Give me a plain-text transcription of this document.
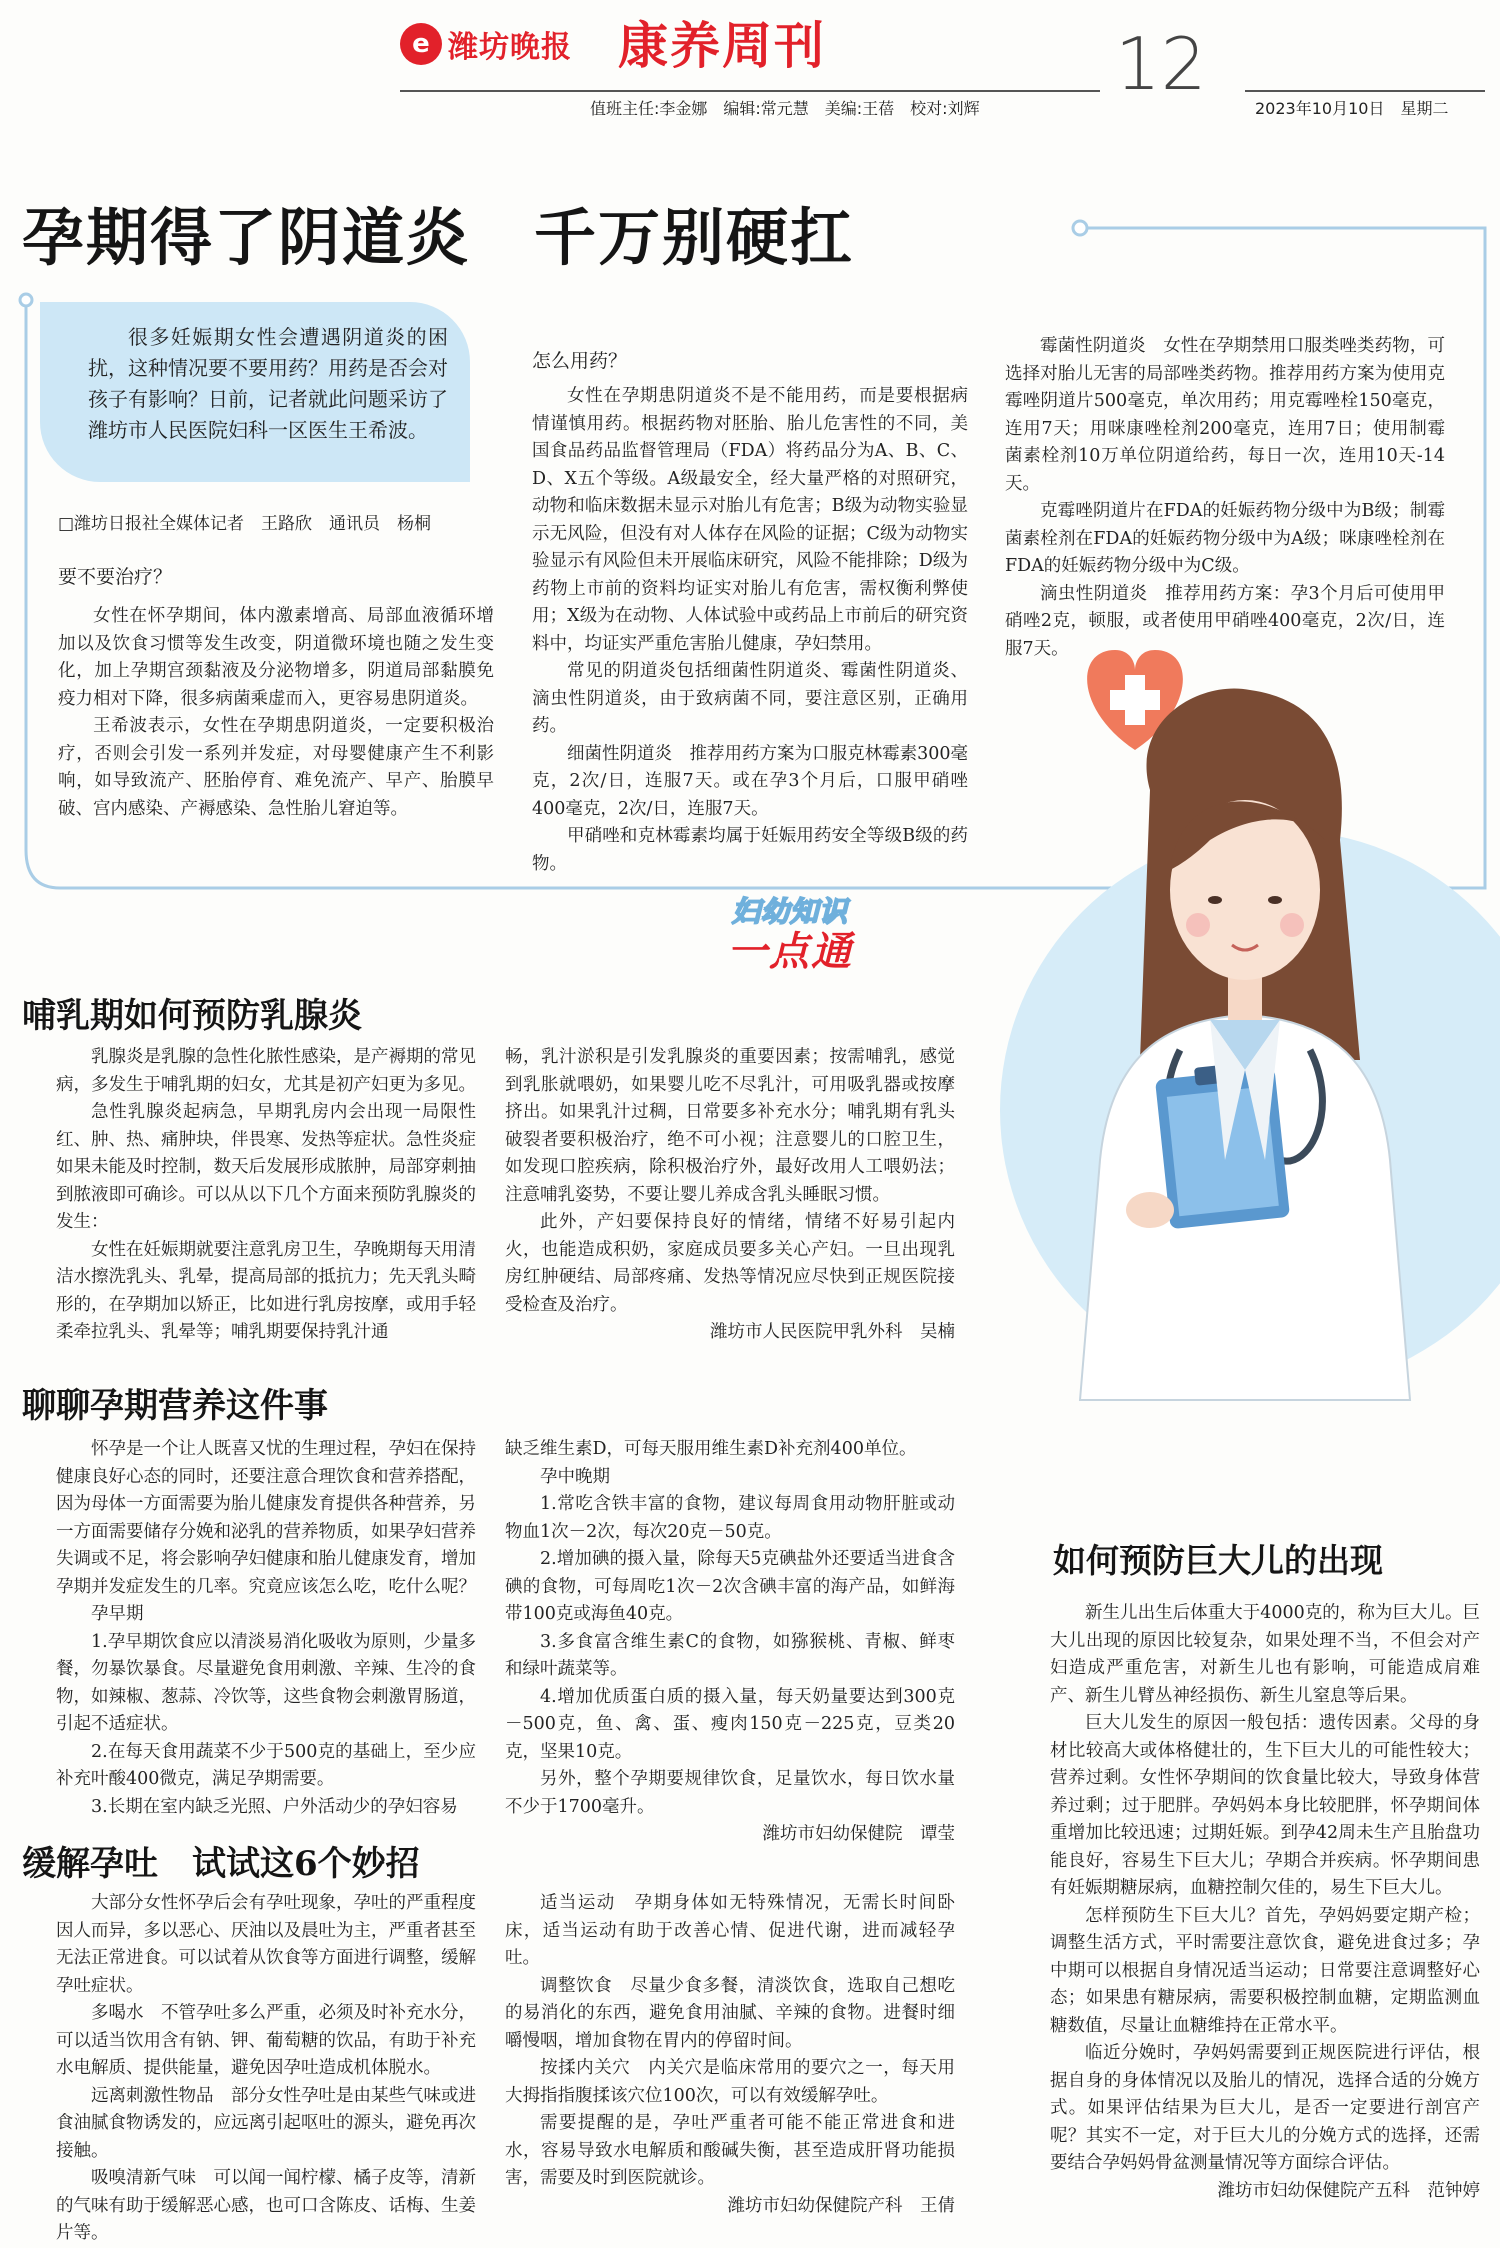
e 潍坊晚报 康养周刊
值班主任:李金娜　编辑:常元慧　美编:王蓓　校对:刘辉
12
2023年10月10日　星期二
孕期得了阴道炎　千万别硬扛

很多妊娠期女性会遭遇阴道炎的困扰，这种情况要不要用药？用药是否会对孩子有影响？日前，记者就此问题采访了潍坊市人民医院妇科一区医生王希波。

□潍坊日报社全媒体记者　王路欣　通讯员　杨桐

要不要治疗？

女性在怀孕期间，体内激素增高、局部血液循环增加以及饮食习惯等发生改变，阴道微环境也随之发生变化，加上孕期宫颈黏液及分泌物增多，阴道局部黏膜免疫力相对下降，很多病菌乘虚而入，更容易患阴道炎。

王希波表示，女性在孕期患阴道炎，一定要积极治疗，否则会引发一系列并发症，对母婴健康产生不利影响，如导致流产、胚胎停育、难免流产、早产、胎膜早破、宫内感染、产褥感染、急性胎儿窘迫等。

怎么用药？

女性在孕期患阴道炎不是不能用药，而是要根据病情谨慎用药。根据药物对胚胎、胎儿危害性的不同，美国食品药品监督管理局（FDA）将药品分为A、B、C、D、X五个等级。A级最安全，经大量严格的对照研究，动物和临床数据未显示对胎儿有危害；B级为动物实验显示无风险，但没有对人体存在风险的证据；C级为动物实验显示有风险但未开展临床研究，风险不能排除；D级为药物上市前的资料均证实对胎儿有危害，需权衡利弊使用；X级为在动物、人体试验中或药品上市前后的研究资料中，均证实严重危害胎儿健康，孕妇禁用。

常见的阴道炎包括细菌性阴道炎、霉菌性阴道炎、滴虫性阴道炎，由于致病菌不同，要注意区别，正确用药。

细菌性阴道炎　推荐用药方案为口服克林霉素300毫克，2次/日，连服7天。或在孕3个月后，口服甲硝唑400毫克，2次/日，连服7天。

甲硝唑和克林霉素均属于妊娠用药安全等级B级的药物。

霉菌性阴道炎　女性在孕期禁用口服类唑类药物，可选择对胎儿无害的局部唑类药物。推荐用药方案为使用克霉唑阴道片500毫克，单次用药；用克霉唑栓150毫克，连用7天；用咪康唑栓剂200毫克，连用7日；使用制霉菌素栓剂10万单位阴道给药，每日一次，连用10天-14天。

克霉唑阴道片在FDA的妊娠药物分级中为B级；制霉菌素栓剂在FDA的妊娠药物分级中为A级；咪康唑栓剂在FDA的妊娠药物分级中为C级。

滴虫性阴道炎　推荐用药方案：孕3个月后可使用甲硝唑2克，顿服，或者使用甲硝唑400毫克，2次/日，连服7天。

妇幼知识
一点通
哺乳期如何预防乳腺炎

乳腺炎是乳腺的急性化脓性感染，是产褥期的常见病，多发生于哺乳期的妇女，尤其是初产妇更为多见。

急性乳腺炎起病急，早期乳房内会出现一局限性红、肿、热、痛肿块，伴畏寒、发热等症状。急性炎症如果未能及时控制，数天后发展形成脓肿，局部穿刺抽到脓液即可确诊。可以从以下几个方面来预防乳腺炎的发生：

女性在妊娠期就要注意乳房卫生，孕晚期每天用清洁水擦洗乳头、乳晕，提高局部的抵抗力；先天乳头畸形的，在孕期加以矫正，比如进行乳房按摩，或用手轻柔牵拉乳头、乳晕等；哺乳期要保持乳汁通

畅，乳汁淤积是引发乳腺炎的重要因素；按需哺乳，感觉到乳胀就喂奶，如果婴儿吃不尽乳汁，可用吸乳器或按摩挤出。如果乳汁过稠，日常要多补充水分；哺乳期有乳头破裂者要积极治疗，绝不可小视；注意婴儿的口腔卫生，如发现口腔疾病，除积极治疗外，最好改用人工喂奶法；注意哺乳姿势，不要让婴儿养成含乳头睡眠习惯。

此外，产妇要保持良好的情绪，情绪不好易引起内火，也能造成积奶，家庭成员要多关心产妇。一旦出现乳房红肿硬结、局部疼痛、发热等情况应尽快到正规医院接受检查及治疗。

潍坊市人民医院甲乳外科　吴楠

聊聊孕期营养这件事

怀孕是一个让人既喜又忧的生理过程，孕妇在保持健康良好心态的同时，还要注意合理饮食和营养搭配，因为母体一方面需要为胎儿健康发育提供各种营养，另一方面需要储存分娩和泌乳的营养物质，如果孕妇营养失调或不足，将会影响孕妇健康和胎儿健康发育，增加孕期并发症发生的几率。究竟应该怎么吃，吃什么呢？

孕早期

1.孕早期饮食应以清淡易消化吸收为原则，少量多餐，勿暴饮暴食。尽量避免食用刺激、辛辣、生冷的食物，如辣椒、葱蒜、冷饮等，这些食物会刺激胃肠道，引起不适症状。

2.在每天食用蔬菜不少于500克的基础上，至少应补充叶酸400微克，满足孕期需要。

3.长期在室内缺乏光照、户外活动少的孕妇容易

缺乏维生素D，可每天服用维生素D补充剂400单位。

孕中晚期

1.常吃含铁丰富的食物，建议每周食用动物肝脏或动物血1次－2次，每次20克－50克。

2.增加碘的摄入量，除每天5克碘盐外还要适当进食含碘的食物，可每周吃1次－2次含碘丰富的海产品，如鲜海带100克或海鱼40克。

3.多食富含维生素C的食物，如猕猴桃、青椒、鲜枣和绿叶蔬菜等。

4.增加优质蛋白质的摄入量，每天奶量要达到300克－500克，鱼、禽、蛋、瘦肉150克－225克，豆类20克，坚果10克。

另外，整个孕期要规律饮食，足量饮水，每日饮水量不少于1700毫升。

潍坊市妇幼保健院　谭莹

缓解孕吐　试试这6个妙招

大部分女性怀孕后会有孕吐现象，孕吐的严重程度因人而异，多以恶心、厌油以及晨吐为主，严重者甚至无法正常进食。可以试着从饮食等方面进行调整，缓解孕吐症状。

多喝水　不管孕吐多么严重，必须及时补充水分，可以适当饮用含有钠、钾、葡萄糖的饮品，有助于补充水电解质、提供能量，避免因孕吐造成机体脱水。

远离刺激性物品　部分女性孕吐是由某些气味或进食油腻食物诱发的，应远离引起呕吐的源头，避免再次接触。

吸嗅清新气味　可以闻一闻柠檬、橘子皮等，清新的气味有助于缓解恶心感，也可口含陈皮、话梅、生姜片等。

适当运动　孕期身体如无特殊情况，无需长时间卧床，适当运动有助于改善心情、促进代谢，进而减轻孕吐。

调整饮食　尽量少食多餐，清淡饮食，选取自己想吃的易消化的东西，避免食用油腻、辛辣的食物。进餐时细嚼慢咽，增加食物在胃内的停留时间。

按揉内关穴　内关穴是临床常用的要穴之一，每天用大拇指指腹揉该穴位100次，可以有效缓解孕吐。

需要提醒的是，孕吐严重者可能不能正常进食和进水，容易导致水电解质和酸碱失衡，甚至造成肝肾功能损害，需要及时到医院就诊。

潍坊市妇幼保健院产科　王倩

如何预防巨大儿的出现

新生儿出生后体重大于4000克的，称为巨大儿。巨大儿出现的原因比较复杂，如果处理不当，不但会对产妇造成严重危害，对新生儿也有影响，可能造成肩难产、新生儿臂丛神经损伤、新生儿窒息等后果。

巨大儿发生的原因一般包括：遗传因素。父母的身材比较高大或体格健壮的，生下巨大儿的可能性较大；营养过剩。女性怀孕期间的饮食量比较大，导致身体营养过剩；过于肥胖。孕妈妈本身比较肥胖，怀孕期间体重增加比较迅速；过期妊娠。到孕42周未生产且胎盘功能良好，容易生下巨大儿；孕期合并疾病。怀孕期间患有妊娠期糖尿病，血糖控制欠佳的，易生下巨大儿。

怎样预防生下巨大儿？首先，孕妈妈要定期产检；调整生活方式，平时需要注意饮食，避免进食过多；孕中期可以根据自身情况适当运动；日常要注意调整好心态；如果患有糖尿病，需要积极控制血糖，定期监测血糖数值，尽量让血糖维持在正常水平。

临近分娩时，孕妈妈需要到正规医院进行评估，根据自身的身体情况以及胎儿的情况，选择合适的分娩方式。如果评估结果为巨大儿，是否一定要进行剖宫产呢？其实不一定，对于巨大儿的分娩方式的选择，还需要结合孕妈妈骨盆测量情况等方面综合评估。

潍坊市妇幼保健院产五科　范钟婷
